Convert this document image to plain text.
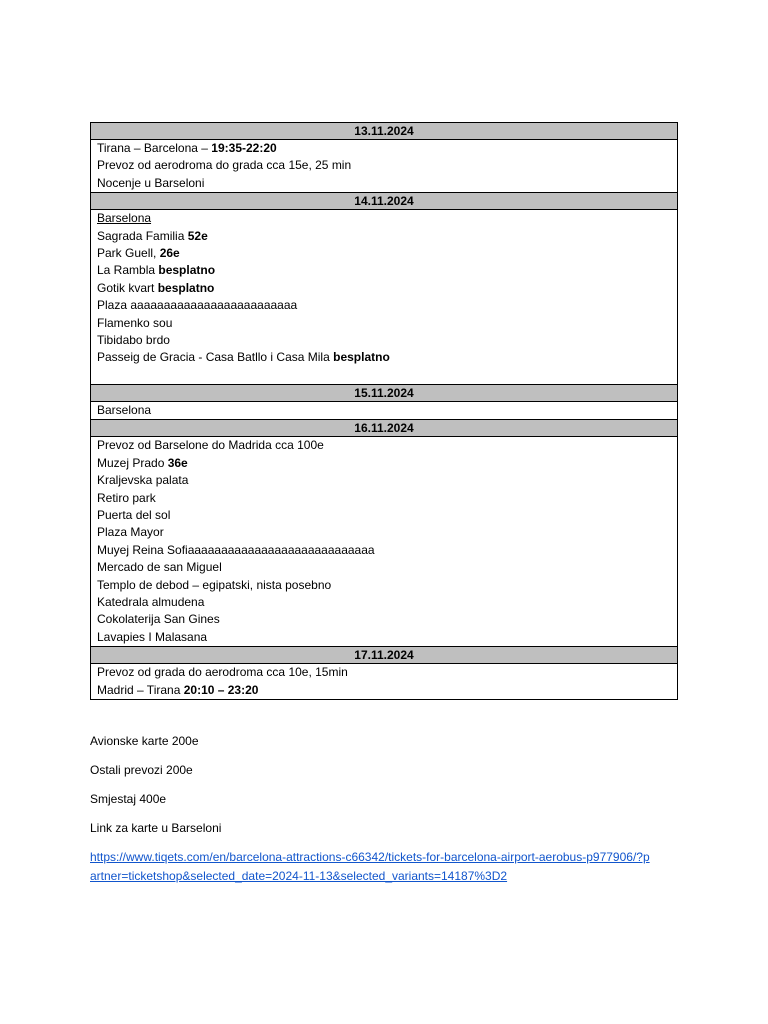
13.11.2024

Tirana – Barcelona – 19:35-22:20
Prevoz od aerodroma do grada cca 15e, 25 min
Nocenje u Barseloni

14.11.2024

Barselona
Sagrada Familia 52e
Park Guell, 26e
La Rambla besplatno
Gotik kvart besplatno
Plaza aaaaaaaaaaaaaaaaaaaaaaaaa
Flamenko sou
Tibidabo brdo
Passeig de Gracia - Casa Batllo i Casa Mila besplatno

15.11.2024

Barselona

16.11.2024

Prevoz od Barselone do Madrida cca 100e
Muzej Prado 36e
Kraljevska palata
Retiro park
Puerta del sol
Plaza Mayor
Muyej Reina Sofiaaaaaaaaaaaaaaaaaaaaaaaaaaaa
Mercado de san Miguel
Templo de debod – egipatski, nista posebno
Katedrala almudena
Cokolaterija San Gines
Lavapies I Malasana

17.11.2024

Prevoz od grada do aerodroma cca 10e, 15min
Madrid – Tirana 20:10 – 23:20

Avionske karte 200e

Ostali prevozi 200e

Smjestaj 400e

Link za karte u Barseloni

https://www.tiqets.com/en/barcelona-attractions-c66342/tickets-for-barcelona-airport-aerobus-p977906/?partner=ticketshop&selected_date=2024-11-13&selected_variants=14187%3D2
